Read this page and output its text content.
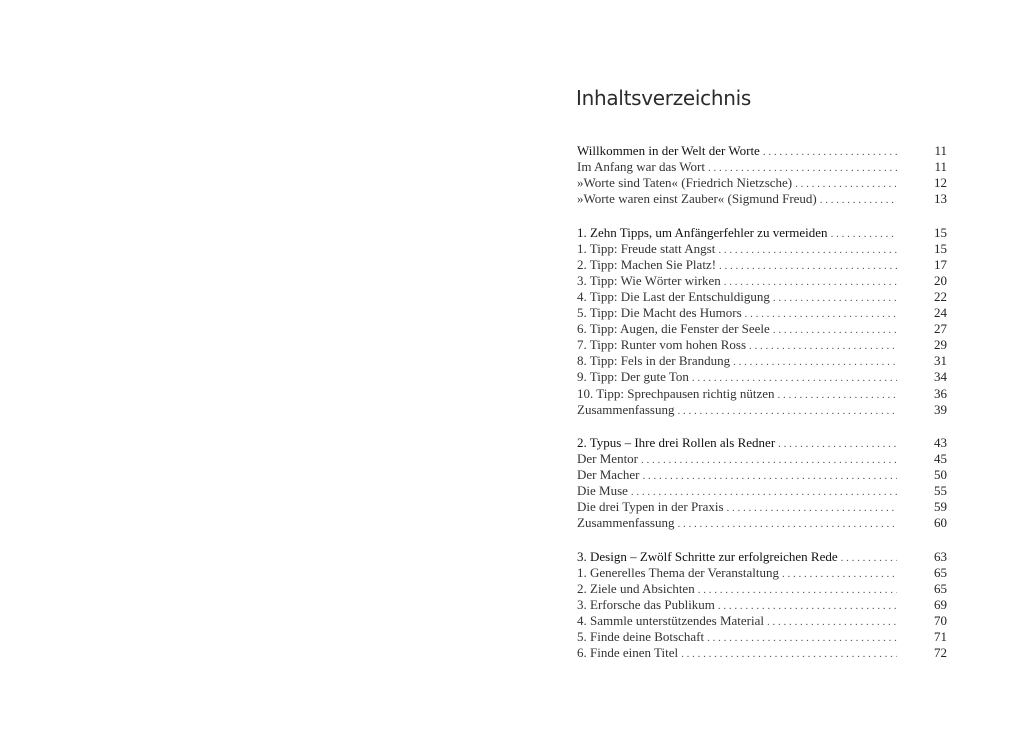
Inhaltsverzeichnis
Willkommen in der Welt der Worte . . .	11
Im Anfang war das Wort . . .	11
»Worte sind Taten« (Friedrich Nietzsche) . . .	12
»Worte waren einst Zauber« (Sigmund Freud) . . .	13
1. Zehn Tipps, um Anfängerfehler zu vermeiden . . .	15
1. Tipp: Freude statt Angst . . .	15
2. Tipp: Machen Sie Platz! . . .	17
3. Tipp: Wie Wörter wirken . . .	20
4. Tipp: Die Last der Entschuldigung . . .	22
5. Tipp: Die Macht des Humors . . .	24
6. Tipp: Augen, die Fenster der Seele . . .	27
7. Tipp: Runter vom hohen Ross . . .	29
8. Tipp: Fels in der Brandung . . .	31
9. Tipp: Der gute Ton . . .	34
10. Tipp: Sprechpausen richtig nützen . . .	36
Zusammenfassung . . .	39
2. Typus – Ihre drei Rollen als Redner . . .	43
Der Mentor . . .	45
Der Macher . . .	50
Die Muse . . .	55
Die drei Typen in der Praxis . . .	59
Zusammenfassung . . .	60
3. Design – Zwölf Schritte zur erfolgreichen Rede . . .	63
1. Generelles Thema der Veranstaltung . . .	65
2. Ziele und Absichten . . .	65
3. Erforsche das Publikum . . .	69
4. Sammle unterstützendes Material . . .	70
5. Finde deine Botschaft . . .	71
6. Finde einen Titel . . .	72
